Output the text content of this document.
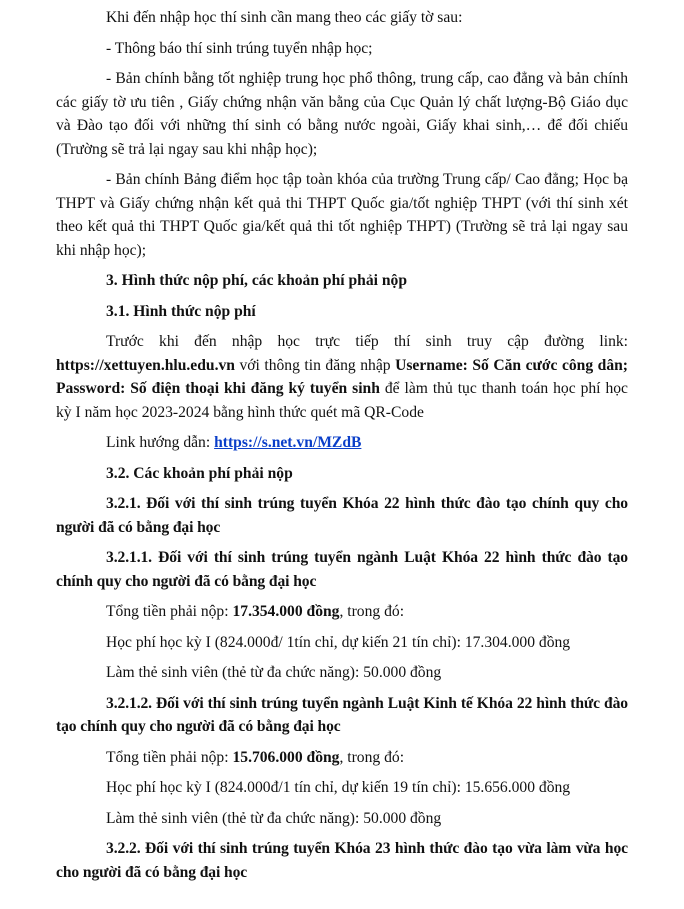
Khi đến nhập học thí sinh cần mang theo các giấy tờ sau:

- Thông báo thí sinh trúng tuyển nhập học;

- Bản chính bằng tốt nghiệp trung học phổ thông, trung cấp, cao đẳng và bản chính các giấy tờ ưu tiên , Giấy chứng nhận văn bằng của Cục Quản lý chất lượng-Bộ Giáo dục và Đào tạo đối với những thí sinh có bằng nước ngoài, Giấy khai sinh,… để đối chiếu (Trường sẽ trả lại ngay sau khi nhập học);

- Bản chính Bảng điểm học tập toàn khóa của trường Trung cấp/ Cao đẳng; Học bạ THPT và Giấy chứng nhận kết quả thi THPT Quốc gia/tốt nghiệp THPT (với thí sinh xét theo kết quả thi THPT Quốc gia/kết quả thi tốt nghiệp THPT) (Trường sẽ trả lại ngay sau khi nhập học);

3. Hình thức nộp phí, các khoản phí phải nộp

3.1. Hình thức nộp phí

Trước khi đến nhập học trực tiếp thí sinh truy cập đường link: https://xettuyen.hlu.edu.vn với thông tin đăng nhập Username: Số Căn cước công dân; Password: Số điện thoại khi đăng ký tuyển sinh để làm thủ tục thanh toán học phí học kỳ I năm học 2023-2024 bằng hình thức quét mã QR-Code

Link hướng dẫn: https://s.net.vn/MZdB

3.2. Các khoản phí phải nộp

3.2.1. Đối với thí sinh trúng tuyển Khóa 22 hình thức đào tạo chính quy cho người đã có bằng đại học

3.2.1.1. Đối với thí sinh trúng tuyển ngành Luật Khóa 22 hình thức đào tạo chính quy cho người đã có bằng đại học

Tổng tiền phải nộp: 17.354.000 đồng, trong đó:

Học phí học kỳ I (824.000đ/ 1tín chỉ, dự kiến 21 tín chỉ): 17.304.000 đồng

Làm thẻ sinh viên (thẻ từ đa chức năng): 50.000 đồng

3.2.1.2. Đối với thí sinh trúng tuyển ngành Luật Kinh tế Khóa 22 hình thức đào tạo chính quy cho người đã có bằng đại học

Tổng tiền phải nộp: 15.706.000 đồng, trong đó:

Học phí học kỳ I (824.000đ/1 tín chỉ, dự kiến 19 tín chỉ): 15.656.000 đồng

Làm thẻ sinh viên (thẻ từ đa chức năng): 50.000 đồng

3.2.2. Đối với thí sinh trúng tuyển Khóa 23 hình thức đào tạo vừa làm vừa học cho người đã có bằng đại học
